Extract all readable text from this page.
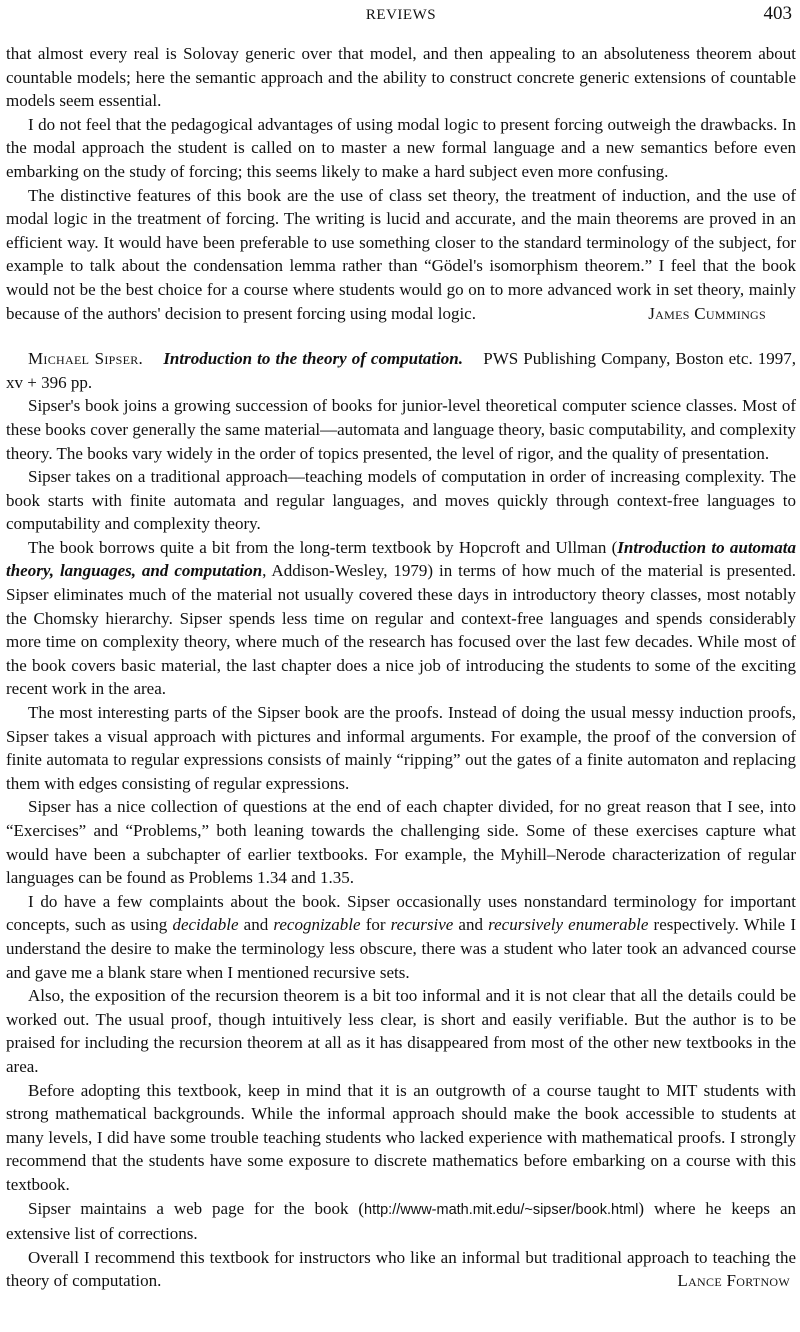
REVIEWS	403

that almost every real is Solovay generic over that model, and then appealing to an absoluteness theorem about countable models; here the semantic approach and the ability to construct concrete generic extensions of countable models seem essential.

I do not feel that the pedagogical advantages of using modal logic to present forcing outweigh the drawbacks. In the modal approach the student is called on to master a new formal language and a new semantics before even embarking on the study of forcing; this seems likely to make a hard subject even more confusing.

The distinctive features of this book are the use of class set theory, the treatment of induction, and the use of modal logic in the treatment of forcing. The writing is lucid and accurate, and the main theorems are proved in an efficient way. It would have been preferable to use something closer to the standard terminology of the subject, for example to talk about the condensation lemma rather than “Gödel's isomorphism theorem.” I feel that the book would not be the best choice for a course where students would go on to more advanced work in set theory, mainly because of the authors' decision to present forcing using modal logic.	James Cummings

Michael Sipser. Introduction to the theory of computation. PWS Publishing Company, Boston etc. 1997, xv + 396 pp.

Sipser's book joins a growing succession of books for junior-level theoretical computer science classes. Most of these books cover generally the same material—automata and language theory, basic computability, and complexity theory. The books vary widely in the order of topics presented, the level of rigor, and the quality of presentation.

Sipser takes on a traditional approach—teaching models of computation in order of increasing complexity. The book starts with finite automata and regular languages, and moves quickly through context-free languages to computability and complexity theory.

The book borrows quite a bit from the long-term textbook by Hopcroft and Ullman (Introduction to automata theory, languages, and computation, Addison-Wesley, 1979) in terms of how much of the material is presented. Sipser eliminates much of the material not usually covered these days in introductory theory classes, most notably the Chomsky hierarchy. Sipser spends less time on regular and context-free languages and spends considerably more time on complexity theory, where much of the research has focused over the last few decades. While most of the book covers basic material, the last chapter does a nice job of introducing the students to some of the exciting recent work in the area.

The most interesting parts of the Sipser book are the proofs. Instead of doing the usual messy induction proofs, Sipser takes a visual approach with pictures and informal arguments. For example, the proof of the conversion of finite automata to regular expressions consists of mainly “ripping” out the gates of a finite automaton and replacing them with edges consisting of regular expressions.

Sipser has a nice collection of questions at the end of each chapter divided, for no great reason that I see, into “Exercises” and “Problems,” both leaning towards the challenging side. Some of these exercises capture what would have been a subchapter of earlier textbooks. For example, the Myhill–Nerode characterization of regular languages can be found as Problems 1.34 and 1.35.

I do have a few complaints about the book. Sipser occasionally uses nonstandard terminology for important concepts, such as using decidable and recognizable for recursive and recursively enumerable respectively. While I understand the desire to make the terminology less obscure, there was a student who later took an advanced course and gave me a blank stare when I mentioned recursive sets.

Also, the exposition of the recursion theorem is a bit too informal and it is not clear that all the details could be worked out. The usual proof, though intuitively less clear, is short and easily verifiable. But the author is to be praised for including the recursion theorem at all as it has disappeared from most of the other new textbooks in the area.

Before adopting this textbook, keep in mind that it is an outgrowth of a course taught to MIT students with strong mathematical backgrounds. While the informal approach should make the book accessible to students at many levels, I did have some trouble teaching students who lacked experience with mathematical proofs. I strongly recommend that the students have some exposure to discrete mathematics before embarking on a course with this textbook.

Sipser maintains a web page for the book (http://www-math.mit.edu/~sipser/book.html) where he keeps an extensive list of corrections.

Overall I recommend this textbook for instructors who like an informal but traditional approach to teaching the theory of computation.	Lance Fortnow
